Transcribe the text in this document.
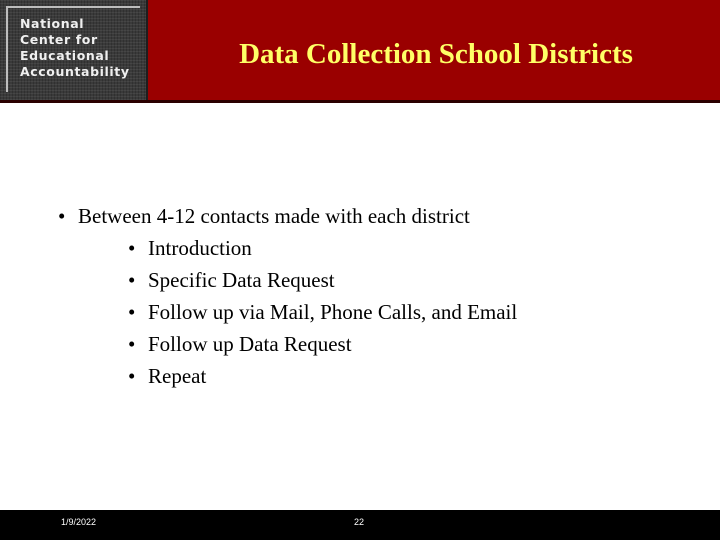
National
Center for
Educational
Accountability
Data Collection School Districts
• Between 4-12 contacts made with each district
• Introduction
• Specific Data Request
• Follow up via Mail, Phone Calls, and Email
• Follow up Data Request
• Repeat
1/9/2022	22
